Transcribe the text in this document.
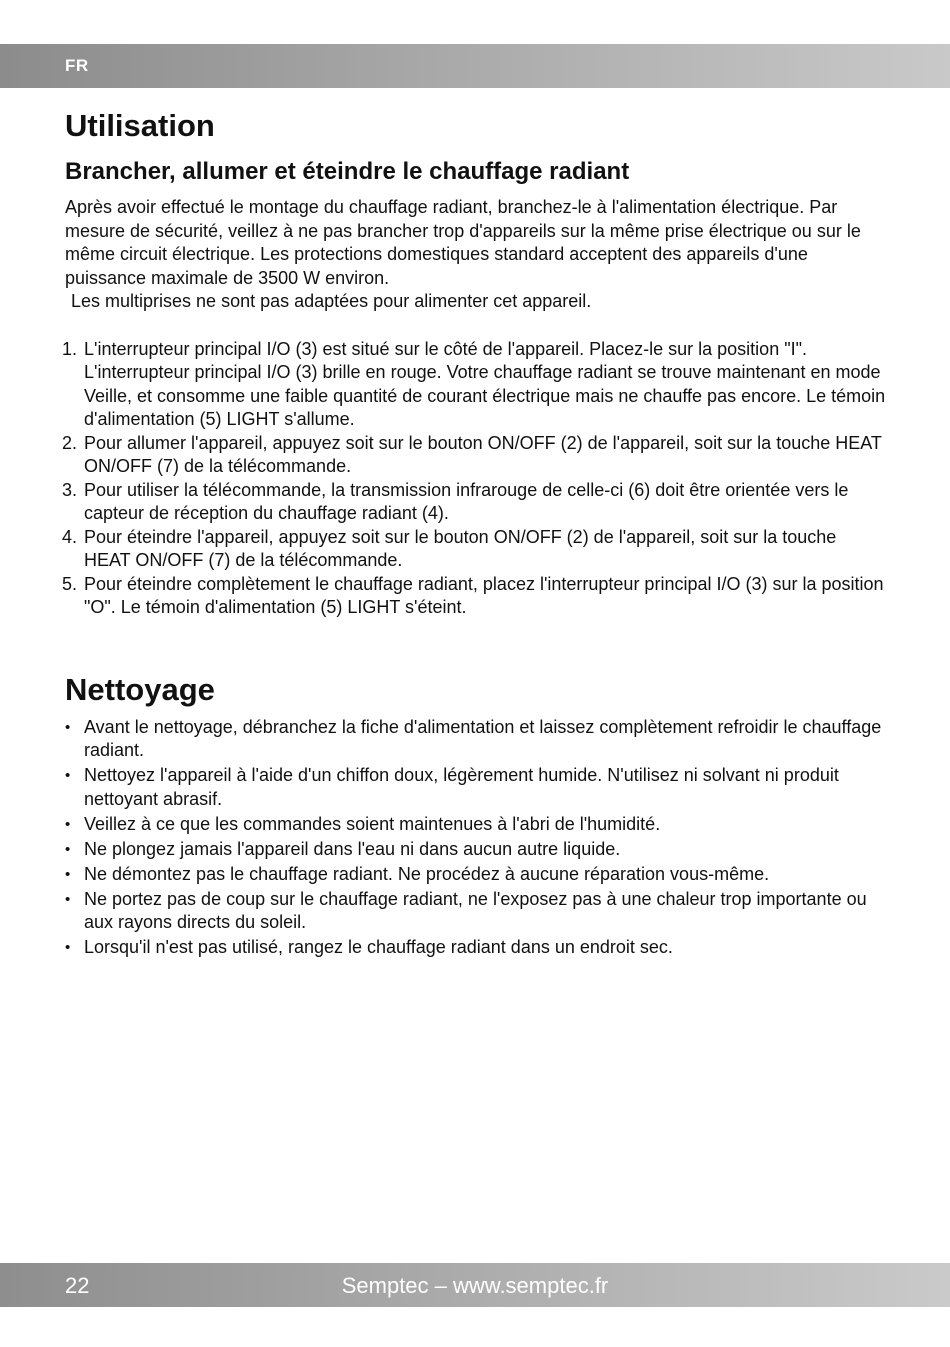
FR
Utilisation
Brancher, allumer et éteindre le chauffage radiant

Après avoir effectué le montage du chauffage radiant, branchez-le à l'alimentation électrique. Par mesure de sécurité, veillez à ne pas brancher trop d'appareils sur la même prise électrique ou sur le même circuit électrique. Les protections domestiques standard acceptent des appareils d'une puissance maximale de 3500 W environ.
Les multiprises ne sont pas adaptées pour alimenter cet appareil.

1. L'interrupteur principal I/O (3) est situé sur le côté de l'appareil. Placez-le sur la position "I". L'interrupteur principal I/O (3) brille en rouge. Votre chauffage radiant se trouve maintenant en mode Veille, et consomme une faible quantité de courant électrique mais ne chauffe pas encore. Le témoin d'alimentation (5) LIGHT s'allume.
2. Pour allumer l'appareil, appuyez soit sur le bouton ON/OFF (2) de l'appareil, soit sur la touche HEAT ON/OFF (7) de la télécommande.
3. Pour utiliser la télécommande, la transmission infrarouge de celle-ci (6) doit être orientée vers le capteur de réception du chauffage radiant (4).
4. Pour éteindre l'appareil, appuyez soit sur le bouton ON/OFF (2) de l'appareil, soit sur la touche HEAT ON/OFF (7) de la télécommande.
5. Pour éteindre complètement le chauffage radiant, placez l'interrupteur principal I/O (3) sur la position "O". Le témoin d'alimentation (5) LIGHT s'éteint.
Nettoyage
• Avant le nettoyage, débranchez la fiche d'alimentation et laissez complètement refroidir le chauffage radiant.
• Nettoyez l'appareil à l'aide d'un chiffon doux, légèrement humide. N'utilisez ni solvant ni produit nettoyant abrasif.
• Veillez à ce que les commandes soient maintenues à l'abri de l'humidité.
• Ne plongez jamais l'appareil dans l'eau ni dans aucun autre liquide.
• Ne démontez pas le chauffage radiant. Ne procédez à aucune réparation vous-même.
• Ne portez pas de coup sur le chauffage radiant, ne l'exposez pas à une chaleur trop importante ou aux rayons directs du soleil.
• Lorsqu'il n'est pas utilisé, rangez le chauffage radiant dans un endroit sec.
22	Semptec – www.semptec.fr
